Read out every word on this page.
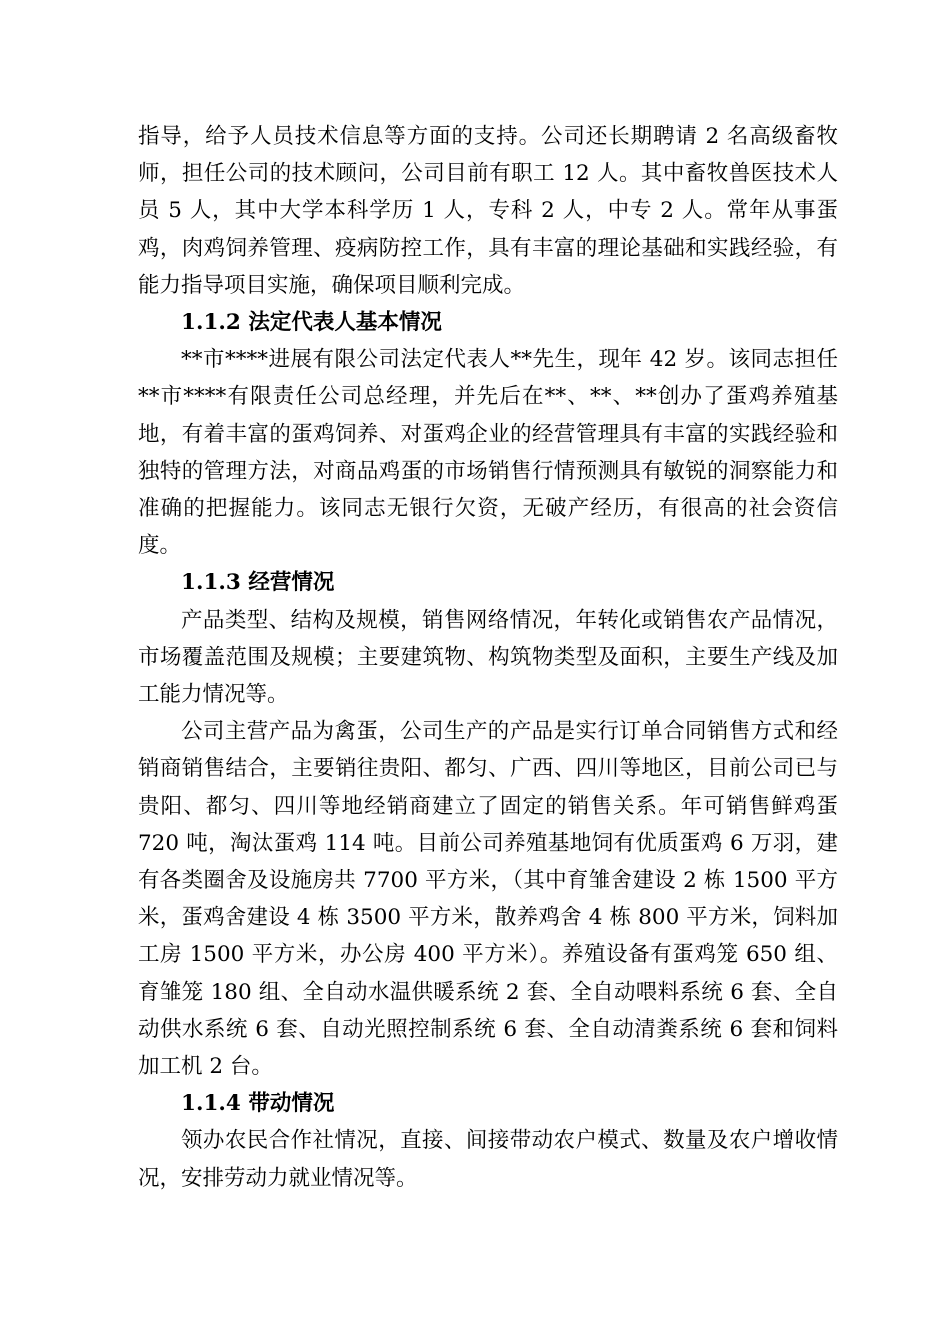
指导，给予人员技术信息等方面的支持。公司还长期聘请 2 名高级畜牧师，担任公司的技术顾问，公司目前有职工 12 人。其中畜牧兽医技术人员 5 人，其中大学本科学历 1 人，专科 2 人，中专 2 人。常年从事蛋鸡，肉鸡饲养管理、疫病防控工作，具有丰富的理论基础和实践经验，有能力指导项目实施，确保项目顺利完成。

1.1.2 法定代表人基本情况

**市****进展有限公司法定代表人**先生，现年 42 岁。该同志担任**市****有限责任公司总经理，并先后在**、**、**创办了蛋鸡养殖基地，有着丰富的蛋鸡饲养、对蛋鸡企业的经营管理具有丰富的实践经验和独特的管理方法，对商品鸡蛋的市场销售行情预测具有敏锐的洞察能力和准确的把握能力。该同志无银行欠资，无破产经历，有很高的社会资信度。

1.1.3 经营情况

产品类型、结构及规模，销售网络情况，年转化或销售农产品情况，市场覆盖范围及规模；主要建筑物、构筑物类型及面积，主要生产线及加工能力情况等。

公司主营产品为禽蛋，公司生产的产品是实行订单合同销售方式和经销商销售结合，主要销往贵阳、都匀、广西、四川等地区，目前公司已与贵阳、都匀、四川等地经销商建立了固定的销售关系。年可销售鲜鸡蛋 720 吨，淘汰蛋鸡 114 吨。目前公司养殖基地饲有优质蛋鸡 6 万羽，建有各类圈舍及设施房共 7700 平方米，（其中育雏舍建设 2 栋 1500 平方米，蛋鸡舍建设 4 栋 3500 平方米，散养鸡舍 4 栋 800 平方米，饲料加工房 1500 平方米，办公房 400 平方米）。养殖设备有蛋鸡笼 650 组、育雏笼 180 组、全自动水温供暖系统 2 套、全自动喂料系统 6 套、全自动供水系统 6 套、自动光照控制系统 6 套、全自动清粪系统 6 套和饲料加工机 2 台。

1.1.4 带动情况

领办农民合作社情况，直接、间接带动农户模式、数量及农户增收情况，安排劳动力就业情况等。
